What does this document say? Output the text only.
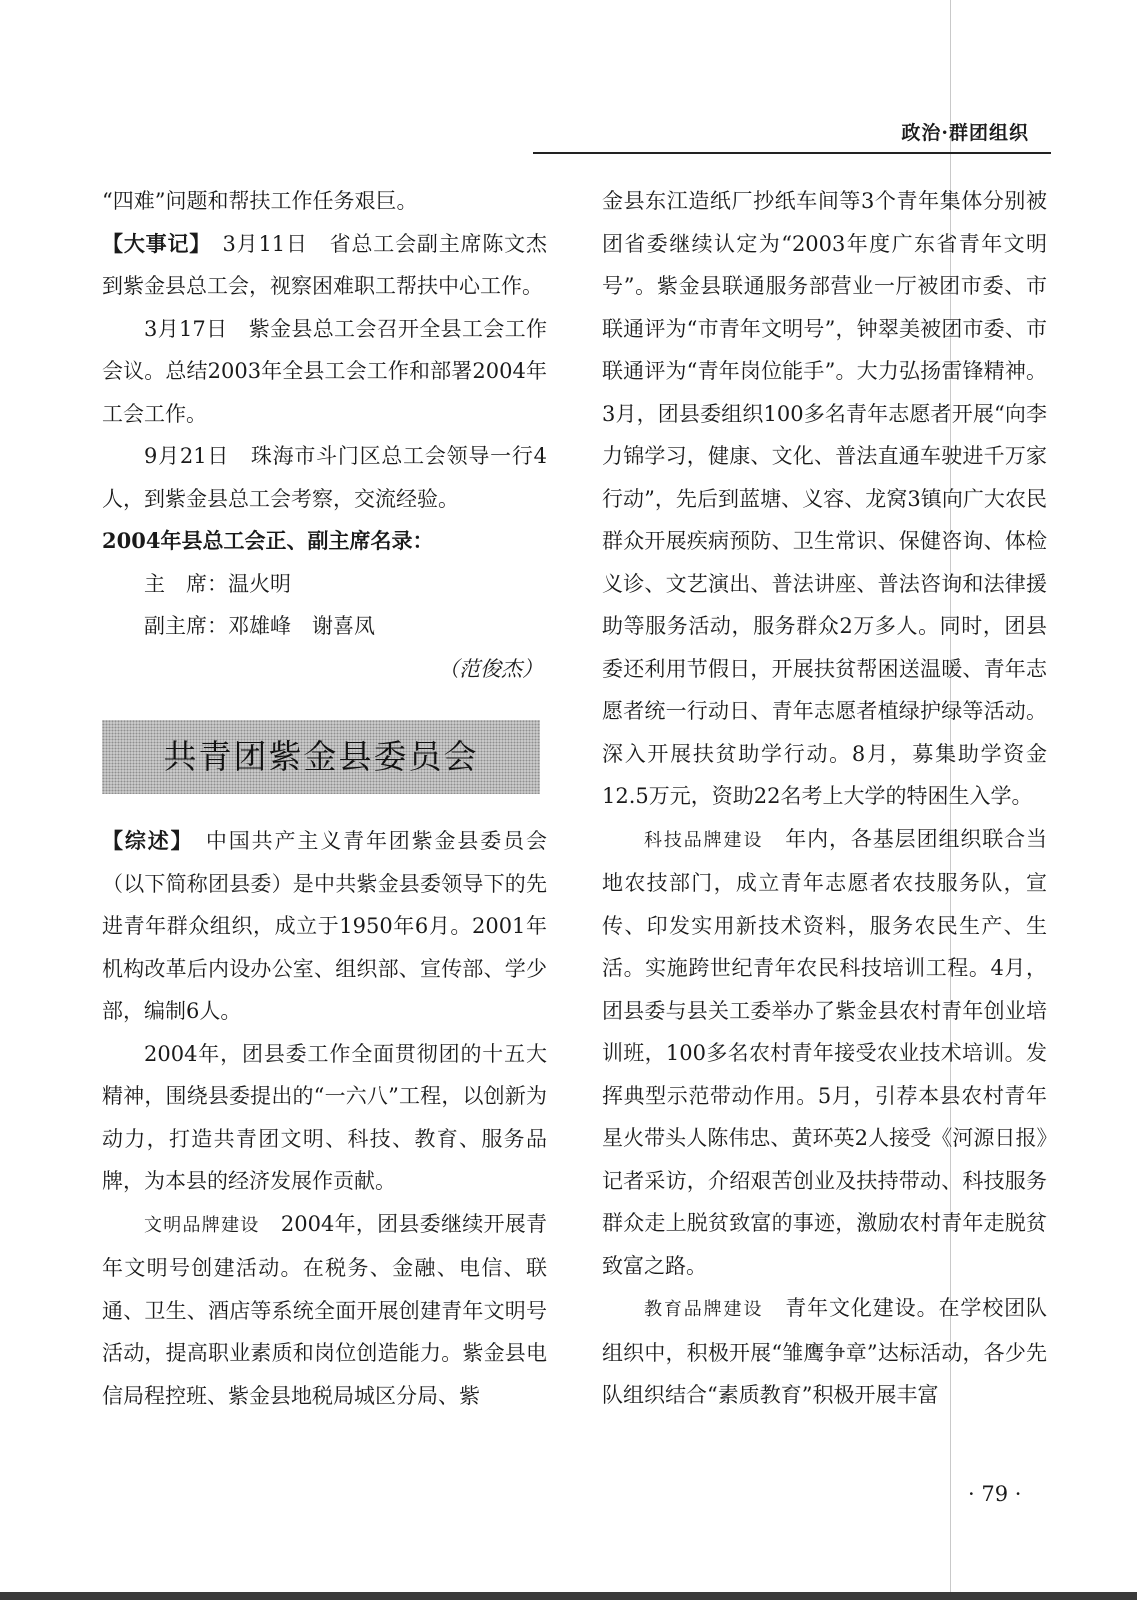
政治·群团组织

“四难”问题和帮扶工作任务艰巨。

【大事记】　 3月11日　省总工会副主席陈文杰到紫金县总工会，视察困难职工帮扶中心工作。

3月17日　紫金县总工会召开全县工会工作会议。总结2003年全县工会工作和部署2004年工会工作。

9月21日　珠海市斗门区总工会领导一行4人，到紫金县总工会考察，交流经验。

2004年县总工会正、副主席名录：

主　席：温火明

副主席：邓雄峰　谢喜凤

（范俊杰）

共青团紫金县委员会

【综述】　 中国共产主义青年团紫金县委员会（以下简称团县委）是中共紫金县委领导下的先进青年群众组织，成立于1950年6月。2001年机构改革后内设办公室、组织部、宣传部、学少部，编制6人。

2004年，团县委工作全面贯彻团的十五大精神，围绕县委提出的“一六八”工程，以创新为动力，打造共青团文明、科技、教育、服务品牌，为本县的经济发展作贡献。

文明品牌建设　 2004年，团县委继续开展青年文明号创建活动。在税务、金融、电信、联通、卫生、酒店等系统全面开展创建青年文明号活动，提高职业素质和岗位创造能力。紫金县电信局程控班、紫金县地税局城区分局、紫

金县东江造纸厂抄纸车间等3个青年集体分别被团省委继续认定为“2003年度广东省青年文明号”。紫金县联通服务部营业一厅被团市委、市联通评为“市青年文明号”，钟翠美被团市委、市联通评为“青年岗位能手”。大力弘扬雷锋精神。3月，团县委组织100多名青年志愿者开展“向李力锦学习，健康、文化、普法直通车驶进千万家行动”，先后到蓝塘、义容、龙窝3镇向广大农民群众开展疾病预防、卫生常识、保健咨询、体检义诊、文艺演出、普法讲座、普法咨询和法律援助等服务活动，服务群众2万多人。同时，团县委还利用节假日，开展扶贫帮困送温暖、青年志愿者统一行动日、青年志愿者植绿护绿等活动。深入开展扶贫助学行动。8月，募集助学资金12.5万元，资助22名考上大学的特困生入学。

科技品牌建设　 年内，各基层团组织联合当地农技部门，成立青年志愿者农技服务队，宣传、印发实用新技术资料，服务农民生产、生活。实施跨世纪青年农民科技培训工程。4月，团县委与县关工委举办了紫金县农村青年创业培训班，100多名农村青年接受农业技术培训。发挥典型示范带动作用。5月，引荐本县农村青年星火带头人陈伟忠、黄环英2人接受《河源日报》记者采访，介绍艰苦创业及扶持带动、科技服务群众走上脱贫致富的事迹，激励农村青年走脱贫致富之路。

教育品牌建设　 青年文化建设。在学校团队组织中，积极开展“雏鹰争章”达标活动，各少先队组织结合“素质教育”积极开展丰富

· 79 ·
